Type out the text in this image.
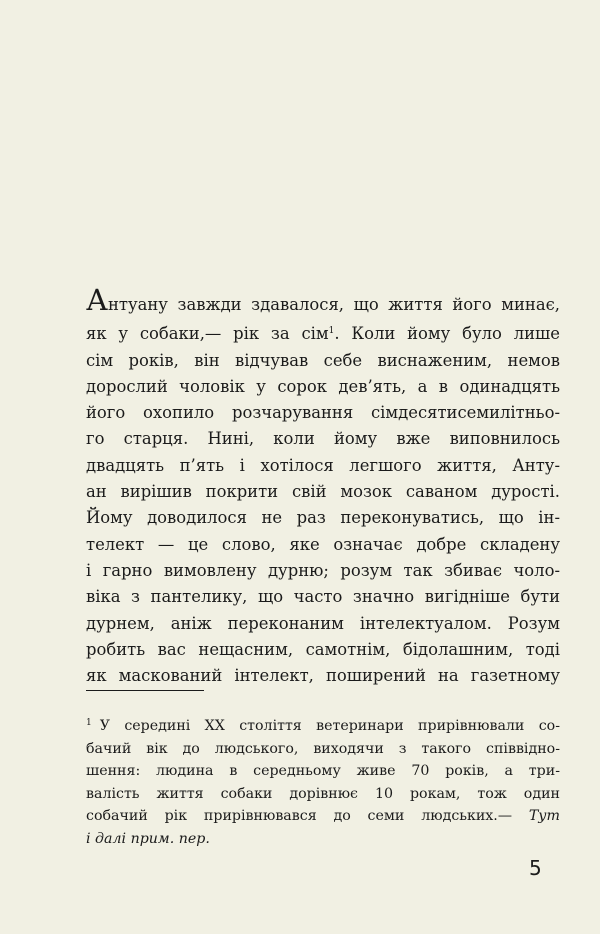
Антуану завжди здавалося, що життя його минає,
як у собаки,— рік за сім$^1$. Коли йому було лише
сім років, він відчував себе виснаженим, немов
дорослий чоловік у сорок дев’ять, а в одинадцять
його охопило розчарування сімдесятисемилітньо-
го старця. Нині, коли йому вже виповнилось
двадцять п’ять і хотілося легшого життя, Анту-
ан вирішив покрити свій мозок саваном дурості.
Йому доводилося не раз переконуватись, що ін-
телект — це слово, яке означає добре складену
і гарно вимовлену дурню; розум так збиває чоло-
віка з пантелику, що часто значно вигідніше бути
дурнем, аніж переконаним інтелектуалом. Розум
робить вас нещасним, самотнім, бідолашним, тоді
як маскований інтелект, поширений на газетному
$^1$ У середині XX століття ветеринари прирівнювали со-
бачий вік до людського, виходячи з такого співвідно-
шення: людина в середньому живе 70 років, а три-
валість життя собаки дорівнює 10 рокам, тож один
собачий рік прирівнювався до семи людських.— Тут
і далі прим. пер.
5
